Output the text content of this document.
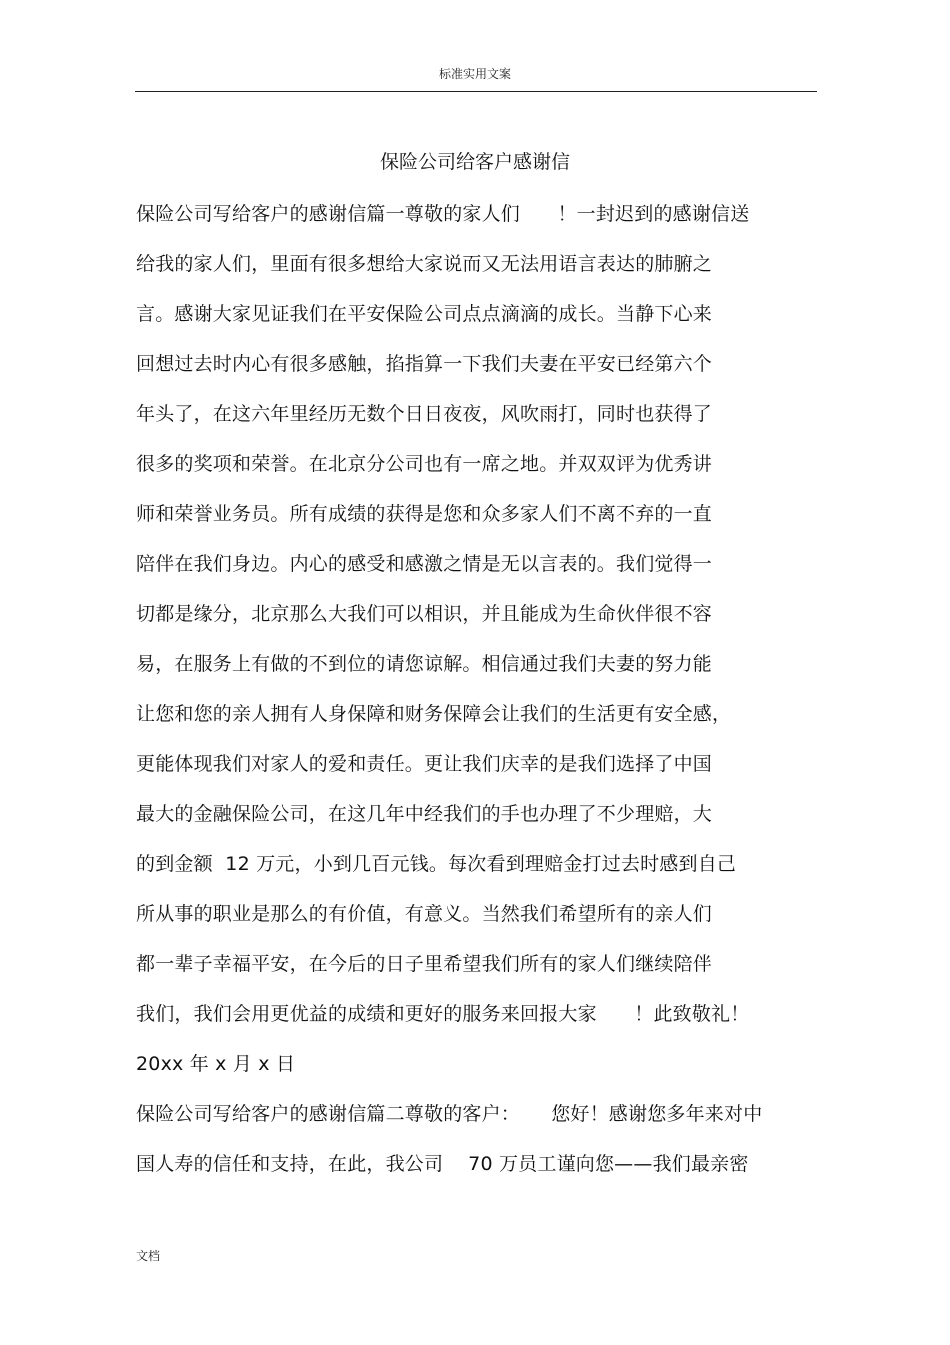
标准实用文案
保险公司给客户感谢信
保险公司写给客户的感谢信篇一尊敬的家人们      ！一封迟到的感谢信送
给我的家人们，里面有很多想给大家说而又无法用语言表达的肺腑之
言。感谢大家见证我们在平安保险公司点点滴滴的成长。当静下心来
回想过去时内心有很多感触，掐指算一下我们夫妻在平安已经第六个
年头了，在这六年里经历无数个日日夜夜，风吹雨打，同时也获得了
很多的奖项和荣誉。在北京分公司也有一席之地。并双双评为优秀讲
师和荣誉业务员。所有成绩的获得是您和众多家人们不离不弃的一直
陪伴在我们身边。内心的感受和感激之情是无以言表的。我们觉得一
切都是缘分，北京那么大我们可以相识，并且能成为生命伙伴很不容
易，在服务上有做的不到位的请您谅解。相信通过我们夫妻的努力能
让您和您的亲人拥有人身保障和财务保障会让我们的生活更有安全感，
更能体现我们对家人的爱和责任。更让我们庆幸的是我们选择了中国
最大的金融保险公司，在这几年中经我们的手也办理了不少理赔，大
的到金额  12 万元，小到几百元钱。每次看到理赔金打过去时感到自己
所从事的职业是那么的有价值，有意义。当然我们希望所有的亲人们
都一辈子幸福平安，在今后的日子里希望我们所有的家人们继续陪伴
我们，我们会用更优益的成绩和更好的服务来回报大家      ！此致敬礼！
20xx 年 x 月 x 日
保险公司写给客户的感谢信篇二尊敬的客户：     您好！感谢您多年来对中
国人寿的信任和支持，在此，我公司    70 万员工谨向您——我们最亲密
文档
